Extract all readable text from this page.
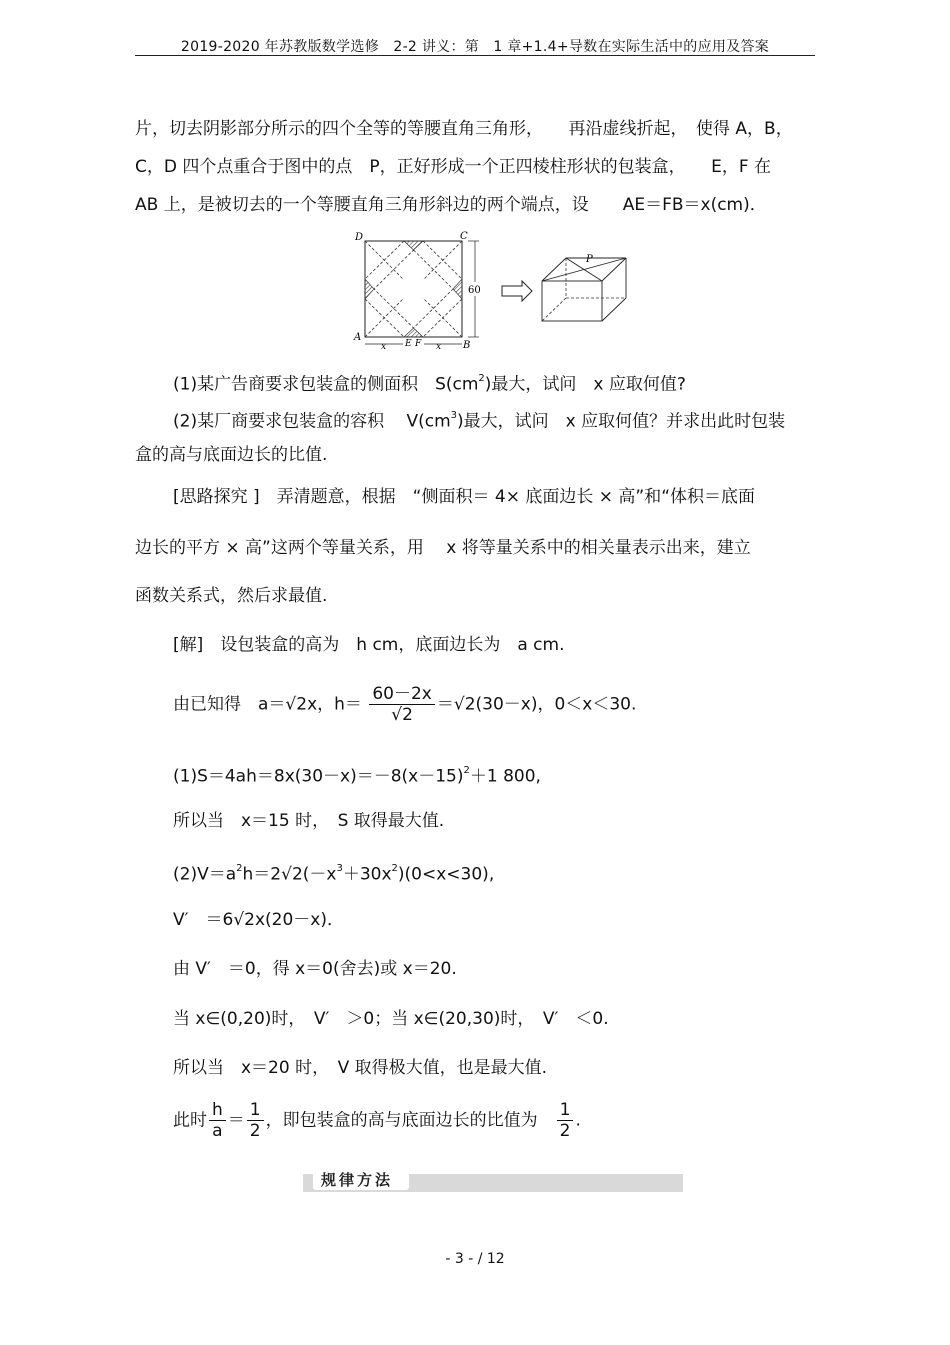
2019-2020 年苏教版数学选修　2-2 讲义：第　1 章+1.4+导数在实际生活中的应用及答案
片，切去阴影部分所示的四个全等的等腰直角三角形，　　再沿虚线折起，　使得 A，B，
C，D 四个点重合于图中的点　P，正好形成一个正四棱柱形状的包装盒，　　E，F 在
AB 上，是被切去的一个等腰直角三角形斜边的两个端点，设　　AE＝FB＝x(cm)．
D	C
A
B
E F
x	x
60
P
(1)某广告商要求包装盒的侧面积　$S(cm^2)$最大，试问　x 应取何值?
(2)某厂商要求包装盒的容积　 $V(cm^3)$最大，试问　x 应取何值？并求出此时包装
盒的高与底面边长的比值.
[思路探究 ]　弄清题意，根据　“侧面积＝ 4× 底面边长 × 高”和“体积＝底面
边长的平方 × 高”这两个等量关系，用　 x 将等量关系中的相关量表示出来，建立
函数关系式，然后求最值.
[解]　设包装盒的高为　h cm，底面边长为　a cm.
由已知得　a＝√2x，$h= \frac{60-2x}{√2} =√2(30-x)$，0＜x＜30.
$(1)S=4ah=8x(30-x)=-8(x-15)^2+1$ 800,
所以当　x＝15 时，　S 取得最大值.
$(2)V=a^2h=2√2(-x^3+30x^2)(0<x<30)$,
V′　＝6√2x(20－x)．
由 V′　＝0，得 x＝0(舍去)或 x＝20.
当 x∈(0,20)时，　V′　＞0；当 x∈(20,30)时，　V′　＜0.
所以当　x＝20 时，　V 取得极大值，也是最大值.
此时 $\frac{h}{a} = \frac{1}{2}$ ，即包装盒的高与底面边长的比值为　 $\frac{1}{2}$ .
规律方法
- 3 - / 12
